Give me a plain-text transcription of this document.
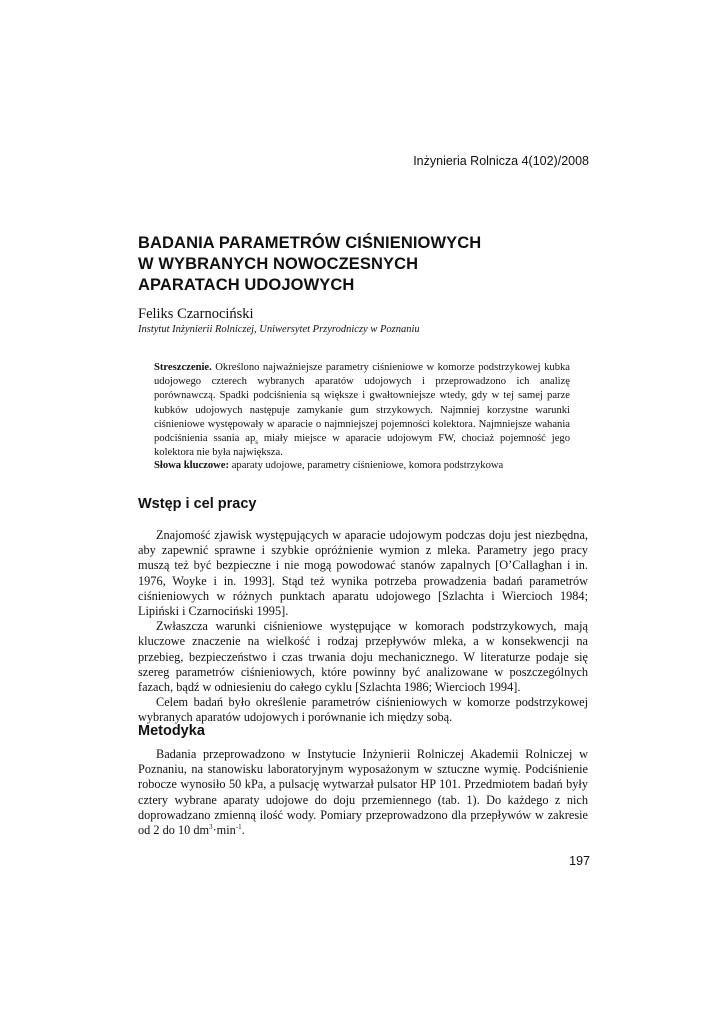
Inżynieria Rolnicza 4(102)/2008
BADANIA PARAMETRÓW CIŚNIENIOWYCH
W WYBRANYCH NOWOCZESNYCH
APARATACH UDOJOWYCH
Feliks Czarnociński
Instytut Inżynierii Rolniczej, Uniwersytet Przyrodniczy w Poznaniu
Streszczenie. Określono najważniejsze parametry ciśnieniowe w komorze podstrzykowej kubka udojowego czterech wybranych aparatów udojowych i przeprowadzono ich analizę porównawczą. Spadki podciśnienia są większe i gwałtowniejsze wtedy, gdy w tej samej parze kubków udojowych następuje zamykanie gum strzykowych. Najmniej korzystne warunki ciśnieniowe występowały w aparacie o najmniejszej pojemności kolektora. Najmniejsze wahania podciśnienia ssania $ap_s$ miały miejsce w aparacie udojowym FW, chociaż pojemność jego kolektora nie była największa.
Słowa kluczowe: aparaty udojowe, parametry ciśnieniowe, komora podstrzykowa
Wstęp i cel pracy

Znajomość zjawisk występujących w aparacie udojowym podczas doju jest niezbędna, aby zapewnić sprawne i szybkie opróżnienie wymion z mleka. Parametry jego pracy muszą też być bezpieczne i nie mogą powodować stanów zapalnych [O’Callaghan i in. 1976, Woyke i in. 1993]. Stąd też wynika potrzeba prowadzenia badań parametrów ciśnieniowych w różnych punktach aparatu udojowego [Szlachta i Wiercioch 1984; Lipiński i Czarnociński 1995].

Zwłaszcza warunki ciśnieniowe występujące w komorach podstrzykowych, mają kluczowe znaczenie na wielkość i rodzaj przepływów mleka, a w konsekwencji na przebieg, bezpieczeństwo i czas trwania doju mechanicznego. W literaturze podaje się szereg parametrów ciśnieniowych, które powinny być analizowane w poszczególnych fazach, bądź w odniesieniu do całego cyklu [Szlachta 1986; Wiercioch 1994].

Celem badań było określenie parametrów ciśnieniowych w komorze podstrzykowej wybranych aparatów udojowych i porównanie ich między sobą.

Metodyka

Badania przeprowadzono w Instytucie Inżynierii Rolniczej Akademii Rolniczej w Poznaniu, na stanowisku laboratoryjnym wyposażonym w sztuczne wymię. Podciśnienie robocze wynosiło 50 kPa, a pulsację wytwarzał pulsator HP 101. Przedmiotem badań były cztery wybrane aparaty udojowe do doju przemiennego (tab. 1). Do każdego z nich doprowadzano zmienną ilość wody. Pomiary przeprowadzono dla przepływów w zakresie od 2 do 10 $dm^3\cdot\min^{-1}$.

197
